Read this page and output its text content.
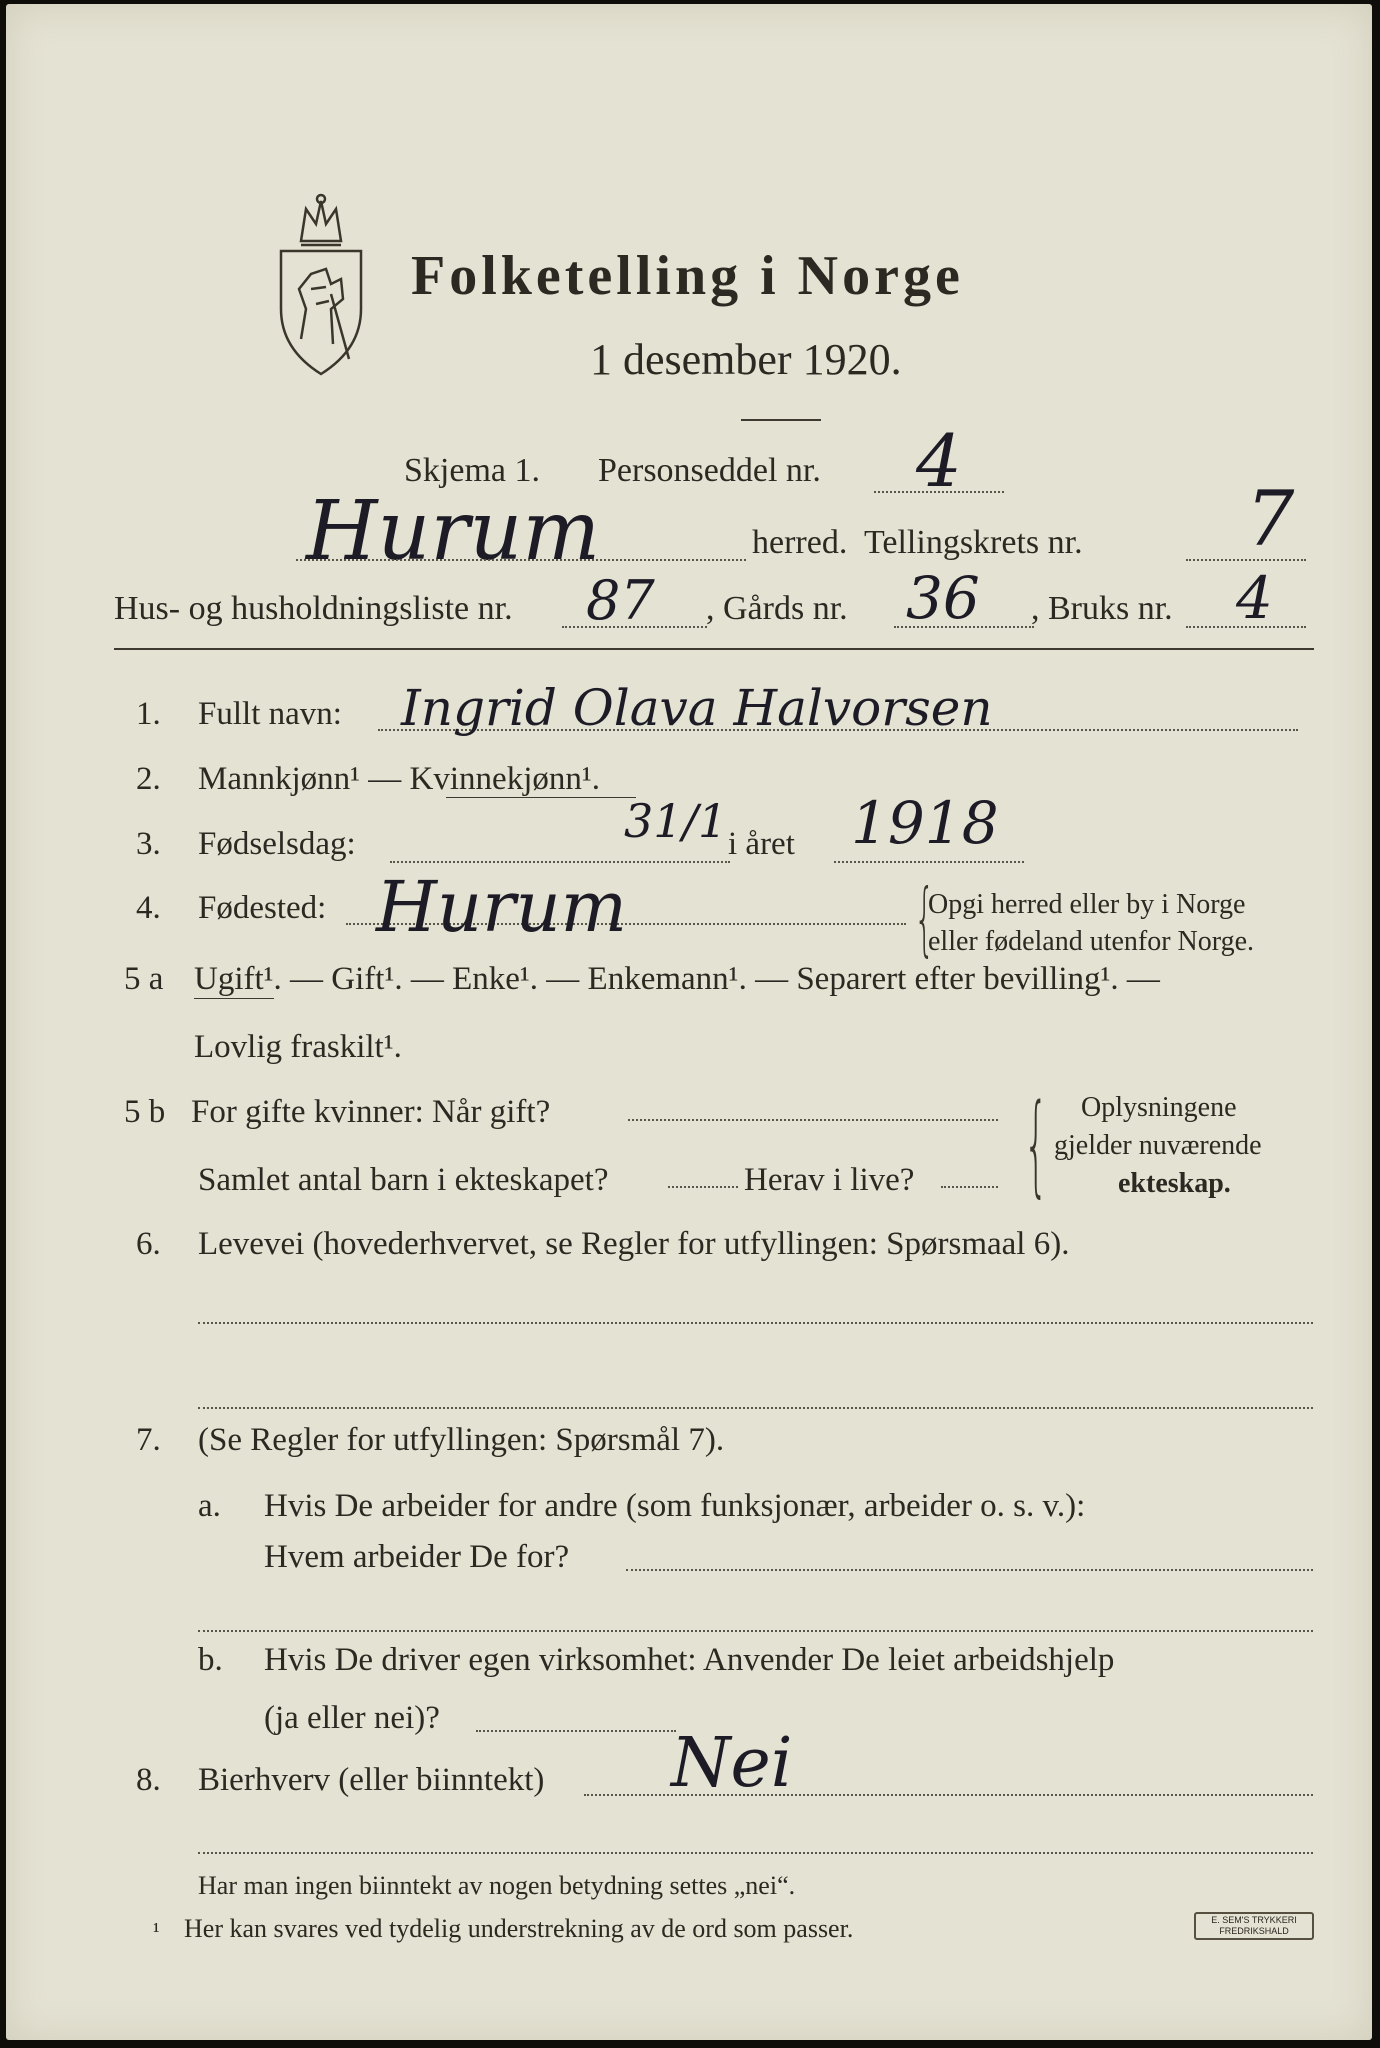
Folketelling i Norge
1 desember 1920.
Skjema 1. Personseddel nr. 4
Hurum	herred. Tellingskrets nr. 7
Hus- og husholdningsliste nr. 87 , Gårds nr. 36 , Bruks nr. 4
1. Fullt navn: Ingrid Olava Halvorsen
2. Mannkjønn¹ — Kvinnekjønn¹.
3. Fødselsdag:	31/1 i året 1918
4. Fødested: Hurum	{
Opgi herred eller by i Norge
eller fødeland utenfor Norge.
5 a Ugift¹. — Gift¹. — Enke¹. — Enkemann¹. — Separert efter bevilling¹. —
Lovlig fraskilt¹.
5 b For gifte kvinner: Når gift?
Samlet antal barn i ekteskapet?	Herav i live? { Oplysningene
gjelder nuværende
ekteskap.
6. Levevei (hovederhvervet, se Regler for utfyllingen: Spørsmaal 6).
7. (Se Regler for utfyllingen: Spørsmål 7).
a. Hvis De arbeider for andre (som funksjonær, arbeider o. s. v.):
Hvem arbeider De for?
b. Hvis De driver egen virksomhet: Anvender De leiet arbeidshjelp
(ja eller nei)?
8. Bierhverv (eller biinntekt) Nei
Har man ingen biinntekt av nogen betydning settes „nei“.
¹ Her kan svares ved tydelig understrekning av de ord som passer.	E. SEM'S TRYKKERI
FREDRIKSHALD
